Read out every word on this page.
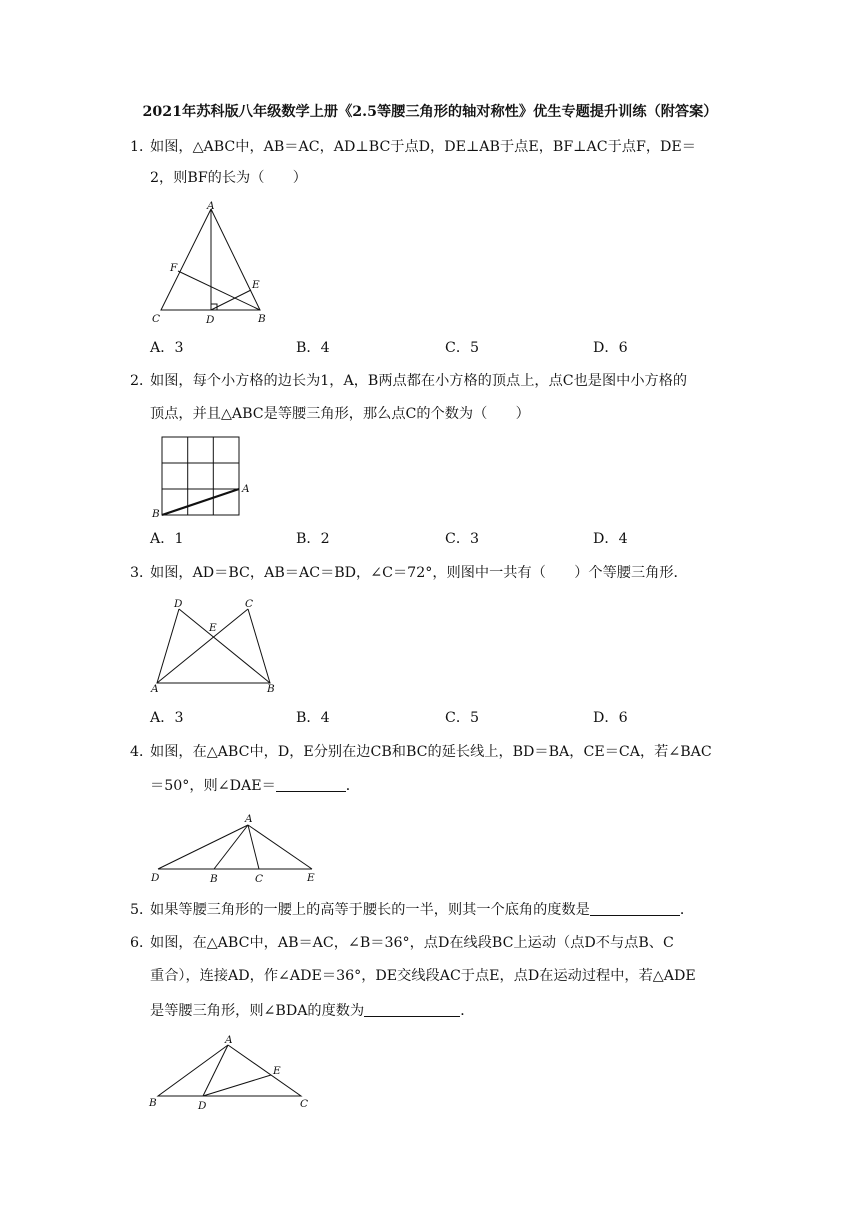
2021年苏科版八年级数学上册《2.5等腰三角形的轴对称性》优生专题提升训练（附答案）
1．
如图，△ABC中，AB＝AC，AD⊥BC于点D，DE⊥AB于点E，BF⊥AC于点F，DE＝
2，则BF的长为（　　）
A
F
E
C	D	B
A．3	B．4	C．5	D．6
2．
如图，每个小方格的边长为1，A，B两点都在小方格的顶点上，点C也是图中小方格的
顶点，并且△ABC是等腰三角形，那么点C的个数为（　　）
A
B
A．1	B．2	C．3	D．4
3．
如图，AD＝BC，AB＝AC＝BD，∠C＝72°，则图中一共有（　　）个等腰三角形．
D	C
E
A	B
A．3	B．4	C．5	D．6
4．
如图，在△ABC中，D，E分别在边CB和BC的延长线上，BD＝BA，CE＝CA，若∠BAC
＝50°，则∠DAE＝	．
A
D	B	C	E
5．
如果等腰三角形的一腰上的高等于腰长的一半，则其一个底角的度数是	．
6．
如图，在△ABC中，AB＝AC，∠B＝36°，点D在线段BC上运动（点D不与点B、C
重合），连接AD，作∠ADE＝36°，DE交线段AC于点E，点D在运动过程中，若△ADE
是等腰三角形，则∠BDA的度数为	．
A
E
B	D	C
